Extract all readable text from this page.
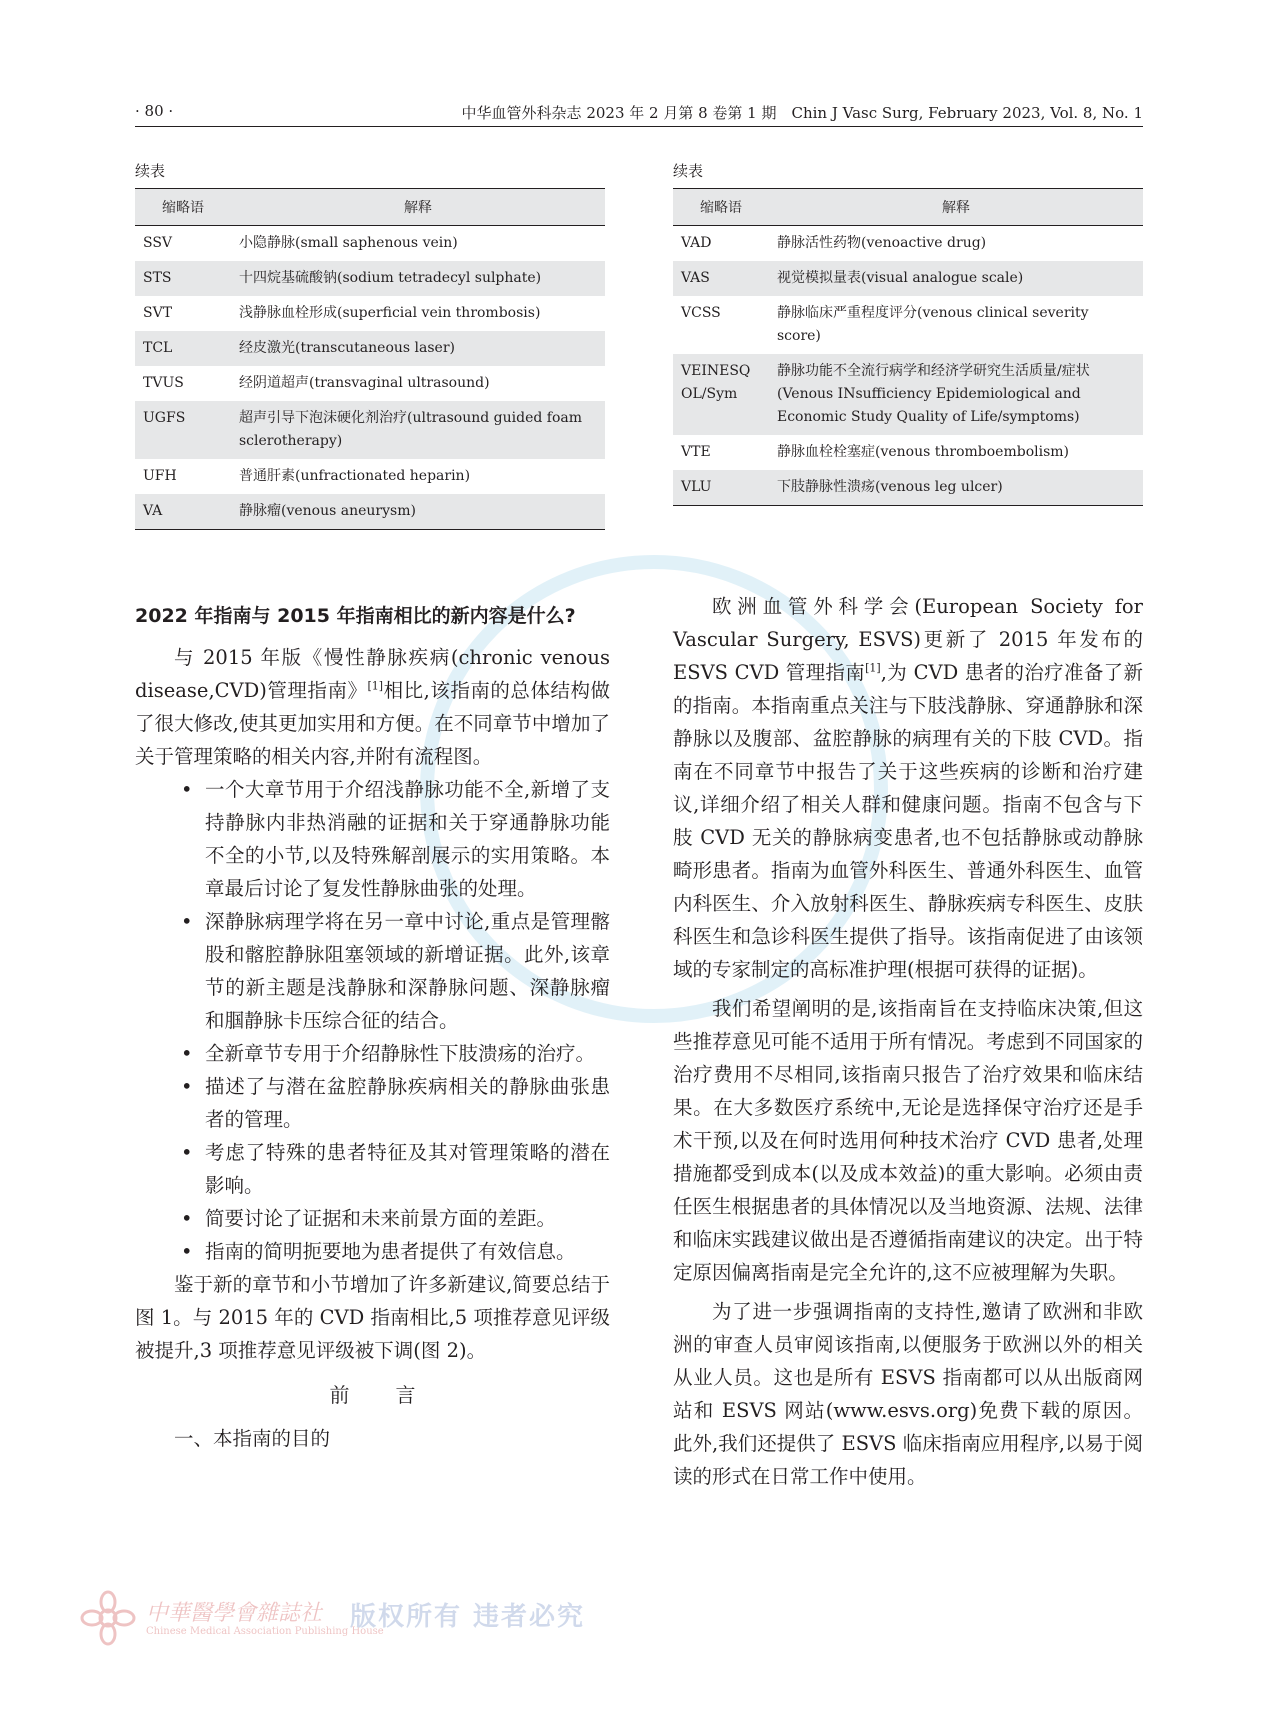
· 80 ·	中华血管外科杂志 2023 年 2 月第 8 卷第 1 期　Chin J Vasc Surg, February 2023, Vol. 8, No. 1
续表
缩略语	解释
SSV	小隐静脉(small saphenous vein)
STS	十四烷基硫酸钠(sodium tetradecyl sulphate)
SVT	浅静脉血栓形成(superficial vein thrombosis)
TCL	经皮激光(transcutaneous laser)
TVUS	经阴道超声(transvaginal ultrasound)
UGFS	超声引导下泡沫硬化剂治疗(ultrasound guided foam sclerotherapy)
UFH	普通肝素(unfractionated heparin)
VA	静脉瘤(venous aneurysm)
续表
缩略语	解释
VAD	静脉活性药物(venoactive drug)
VAS	视觉模拟量表(visual analogue scale)
VCSS	静脉临床严重程度评分(venous clinical severity score)
VEINESQ OL/Sym	静脉功能不全流行病学和经济学研究生活质量/症状(Venous INsufficiency Epidemiological and Economic Study Quality of Life/symptoms)
VTE	静脉血栓栓塞症(venous thromboembolism)
VLU	下肢静脉性溃疡(venous leg ulcer)
2022 年指南与 2015 年指南相比的新内容是什么?

与 2015 年版《慢性静脉疾病(chronic venous disease,CVD)管理指南》[1]相比,该指南的总体结构做了很大修改,使其更加实用和方便。在不同章节中增加了关于管理策略的相关内容,并附有流程图。

• 一个大章节用于介绍浅静脉功能不全,新增了支持静脉内非热消融的证据和关于穿通静脉功能不全的小节,以及特殊解剖展示的实用策略。本章最后讨论了复发性静脉曲张的处理。
• 深静脉病理学将在另一章中讨论,重点是管理髂股和髂腔静脉阻塞领域的新增证据。此外,该章节的新主题是浅静脉和深静脉问题、深静脉瘤和腘静脉卡压综合征的结合。
• 全新章节专用于介绍静脉性下肢溃疡的治疗。
• 描述了与潜在盆腔静脉疾病相关的静脉曲张患者的管理。
• 考虑了特殊的患者特征及其对管理策略的潜在影响。
• 简要讨论了证据和未来前景方面的差距。
• 指南的简明扼要地为患者提供了有效信息。

鉴于新的章节和小节增加了许多新建议,简要总结于图 1。与 2015 年的 CVD 指南相比,5 项推荐意见评级被提升,3 项推荐意见评级被下调(图 2)。

前言

一、本指南的目的

欧洲血管外科学会(European Society for Vascular Surgery, ESVS)更新了 2015 年发布的 ESVS CVD 管理指南[1],为 CVD 患者的治疗准备了新的指南。本指南重点关注与下肢浅静脉、穿通静脉和深静脉以及腹部、盆腔静脉的病理有关的下肢 CVD。指南在不同章节中报告了关于这些疾病的诊断和治疗建议,详细介绍了相关人群和健康问题。指南不包含与下肢 CVD 无关的静脉病变患者,也不包括静脉或动静脉畸形患者。指南为血管外科医生、普通外科医生、血管内科医生、介入放射科医生、静脉疾病专科医生、皮肤科医生和急诊科医生提供了指导。该指南促进了由该领域的专家制定的高标准护理(根据可获得的证据)。

我们希望阐明的是,该指南旨在支持临床决策,但这些推荐意见可能不适用于所有情况。考虑到不同国家的治疗费用不尽相同,该指南只报告了治疗效果和临床结果。在大多数医疗系统中,无论是选择保守治疗还是手术干预,以及在何时选用何种技术治疗 CVD 患者,处理措施都受到成本(以及成本效益)的重大影响。必须由责任医生根据患者的具体情况以及当地资源、法规、法律和临床实践建议做出是否遵循指南建议的决定。出于特定原因偏离指南是完全允许的,这不应被理解为失职。

为了进一步强调指南的支持性,邀请了欧洲和非欧洲的审查人员审阅该指南,以便服务于欧洲以外的相关从业人员。这也是所有 ESVS 指南都可以从出版商网站和 ESVS 网站(www.esvs.org)免费下载的原因。此外,我们还提供了 ESVS 临床指南应用程序,以易于阅读的形式在日常工作中使用。

中華醫學會雜誌社
Chinese Medical Association Publishing House
版权所有 违者必究
